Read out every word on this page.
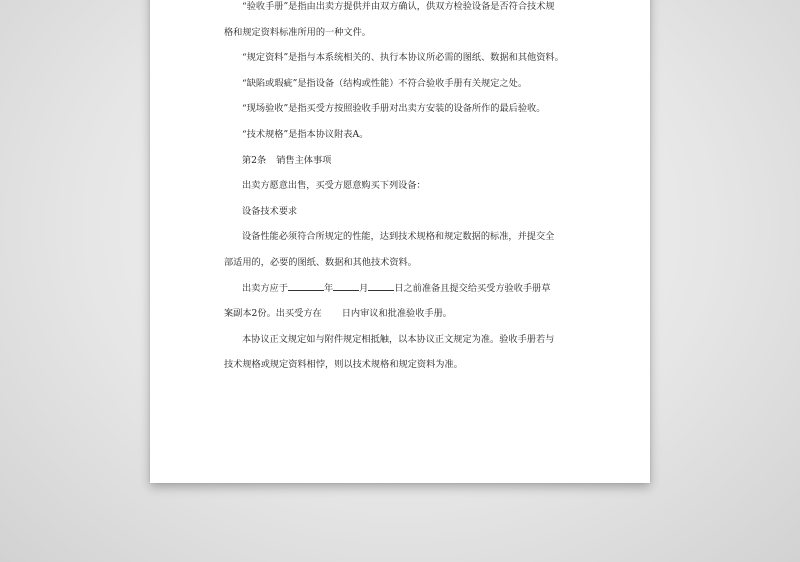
“验收手册”是指由出卖方提供并由双方确认，供双方检验设备是否符合技术规

格和规定资料标准所用的一种文件。

“规定资料”是指与本系统相关的、执行本协议所必需的图纸、数据和其他资料。

“缺陷或瑕疵”是指设备（结构或性能）不符合验收手册有关规定之处。

“现场验收”是指买受方按照验收手册对出卖方安装的设备所作的最后验收。

“技术规格”是指本协议附表A。

第2条 销售主体事项

出卖方愿意出售，买受方愿意购买下列设备：

设备技术要求

设备性能必须符合所规定的性能，达到技术规格和规定数据的标准，并提交全

部适用的，必要的图纸、数据和其他技术资料。

出卖方应于	年	月	日之前准备且提交给买受方验收手册草

案副本2份。出买受方在 日内审议和批准验收手册。

本协议正文规定如与附件规定相抵触，以本协议正文规定为准。验收手册若与

技术规格或规定资料相悖，则以技术规格和规定资料为准。
